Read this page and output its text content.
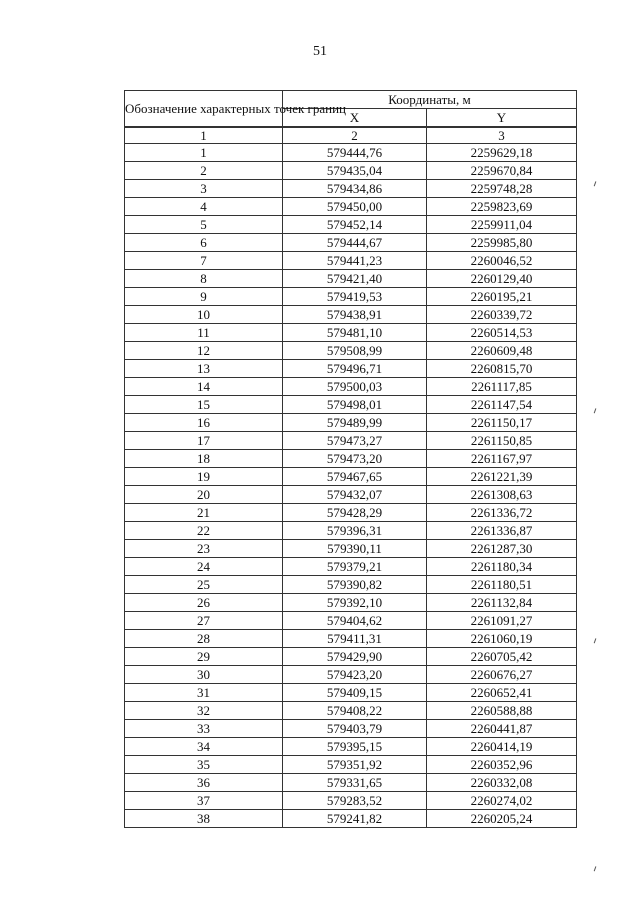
51
Обозначение характерных точек границ	Координаты, м	
	X	Y
1	2	3
1	579444,76	2259629,18
2	579435,04	2259670,84
3	579434,86	2259748,28
4	579450,00	2259823,69
5	579452,14	2259911,04
6	579444,67	2259985,80
7	579441,23	2260046,52
8	579421,40	2260129,40
9	579419,53	2260195,21
10	579438,91	2260339,72
11	579481,10	2260514,53
12	579508,99	2260609,48
13	579496,71	2260815,70
14	579500,03	2261117,85
15	579498,01	2261147,54
16	579489,99	2261150,17
17	579473,27	2261150,85
18	579473,20	2261167,97
19	579467,65	2261221,39
20	579432,07	2261308,63
21	579428,29	2261336,72
22	579396,31	2261336,87
23	579390,11	2261287,30
24	579379,21	2261180,34
25	579390,82	2261180,51
26	579392,10	2261132,84
27	579404,62	2261091,27
28	579411,31	2261060,19
29	579429,90	2260705,42
30	579423,20	2260676,27
31	579409,15	2260652,41
32	579408,22	2260588,88
33	579403,79	2260441,87
34	579395,15	2260414,19
35	579351,92	2260352,96
36	579331,65	2260332,08
37	579283,52	2260274,02
38	579241,82	2260205,24
